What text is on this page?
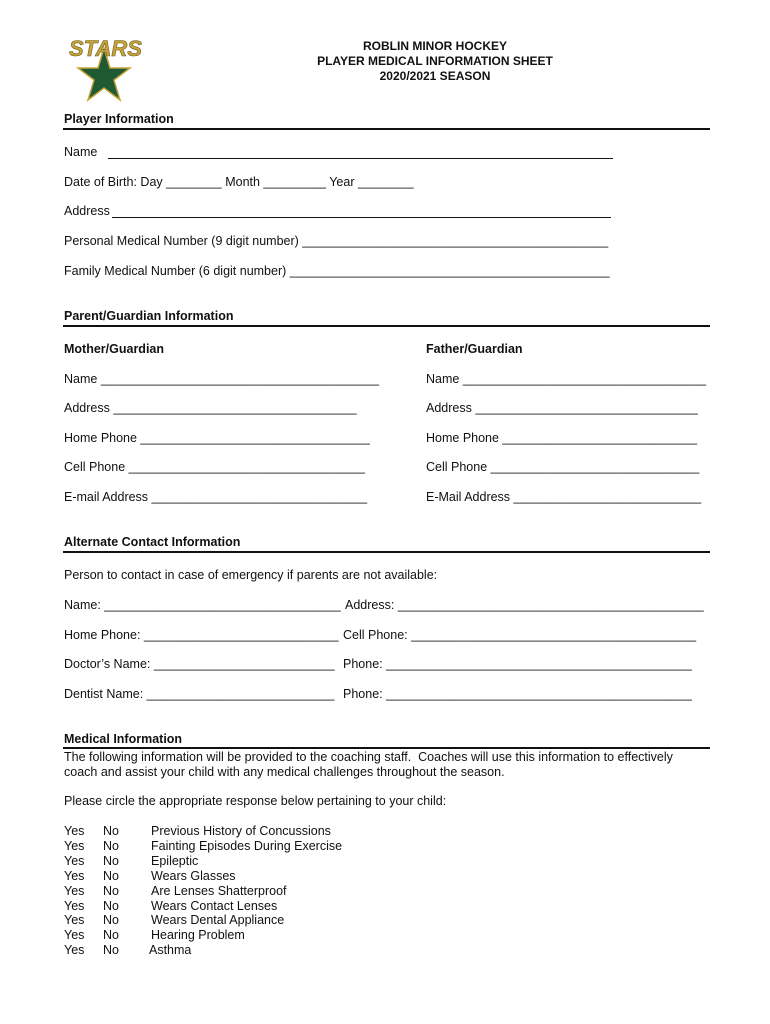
STARS	ROBLIN MINOR HOCKEY
PLAYER MEDICAL INFORMATION SHEET
2020/2021 SEASON
Player Information
Name
Date of Birth: Day ________ Month _________ Year ________
Address
Personal Medical Number (9 digit number) ____________________________________________
Family Medical Number (6 digit number) ______________________________________________
Parent/Guardian Information
Mother/Guardian	Father/Guardian
Name ________________________________________	Name ___________________________________
Address ___________________________________	Address ________________________________
Home Phone _________________________________	Home Phone ____________________________
Cell Phone __________________________________	Cell Phone ______________________________
E-mail Address _______________________________	E-Mail Address ___________________________
Alternate Contact Information
Person to contact in case of emergency if parents are not available:
Name: __________________________________ Address: ____________________________________________
Home Phone: ____________________________ Cell Phone: _________________________________________
Doctor’s Name: __________________________ Phone: ____________________________________________
Dentist Name: ___________________________ Phone: ____________________________________________
Medical Information
The following information will be provided to the coaching staff.  Coaches will use this information to effectively
coach and assist your child with any medical challenges throughout the season.
Please circle the appropriate response below pertaining to your child:
Yes No	Previous History of Concussions
Yes No	Fainting Episodes During Exercise
Yes No	Epileptic
Yes No	Wears Glasses
Yes No	Are Lenses Shatterproof
Yes No	Wears Contact Lenses
Yes No	Wears Dental Appliance
Yes No	Hearing Problem
Yes No Asthma
